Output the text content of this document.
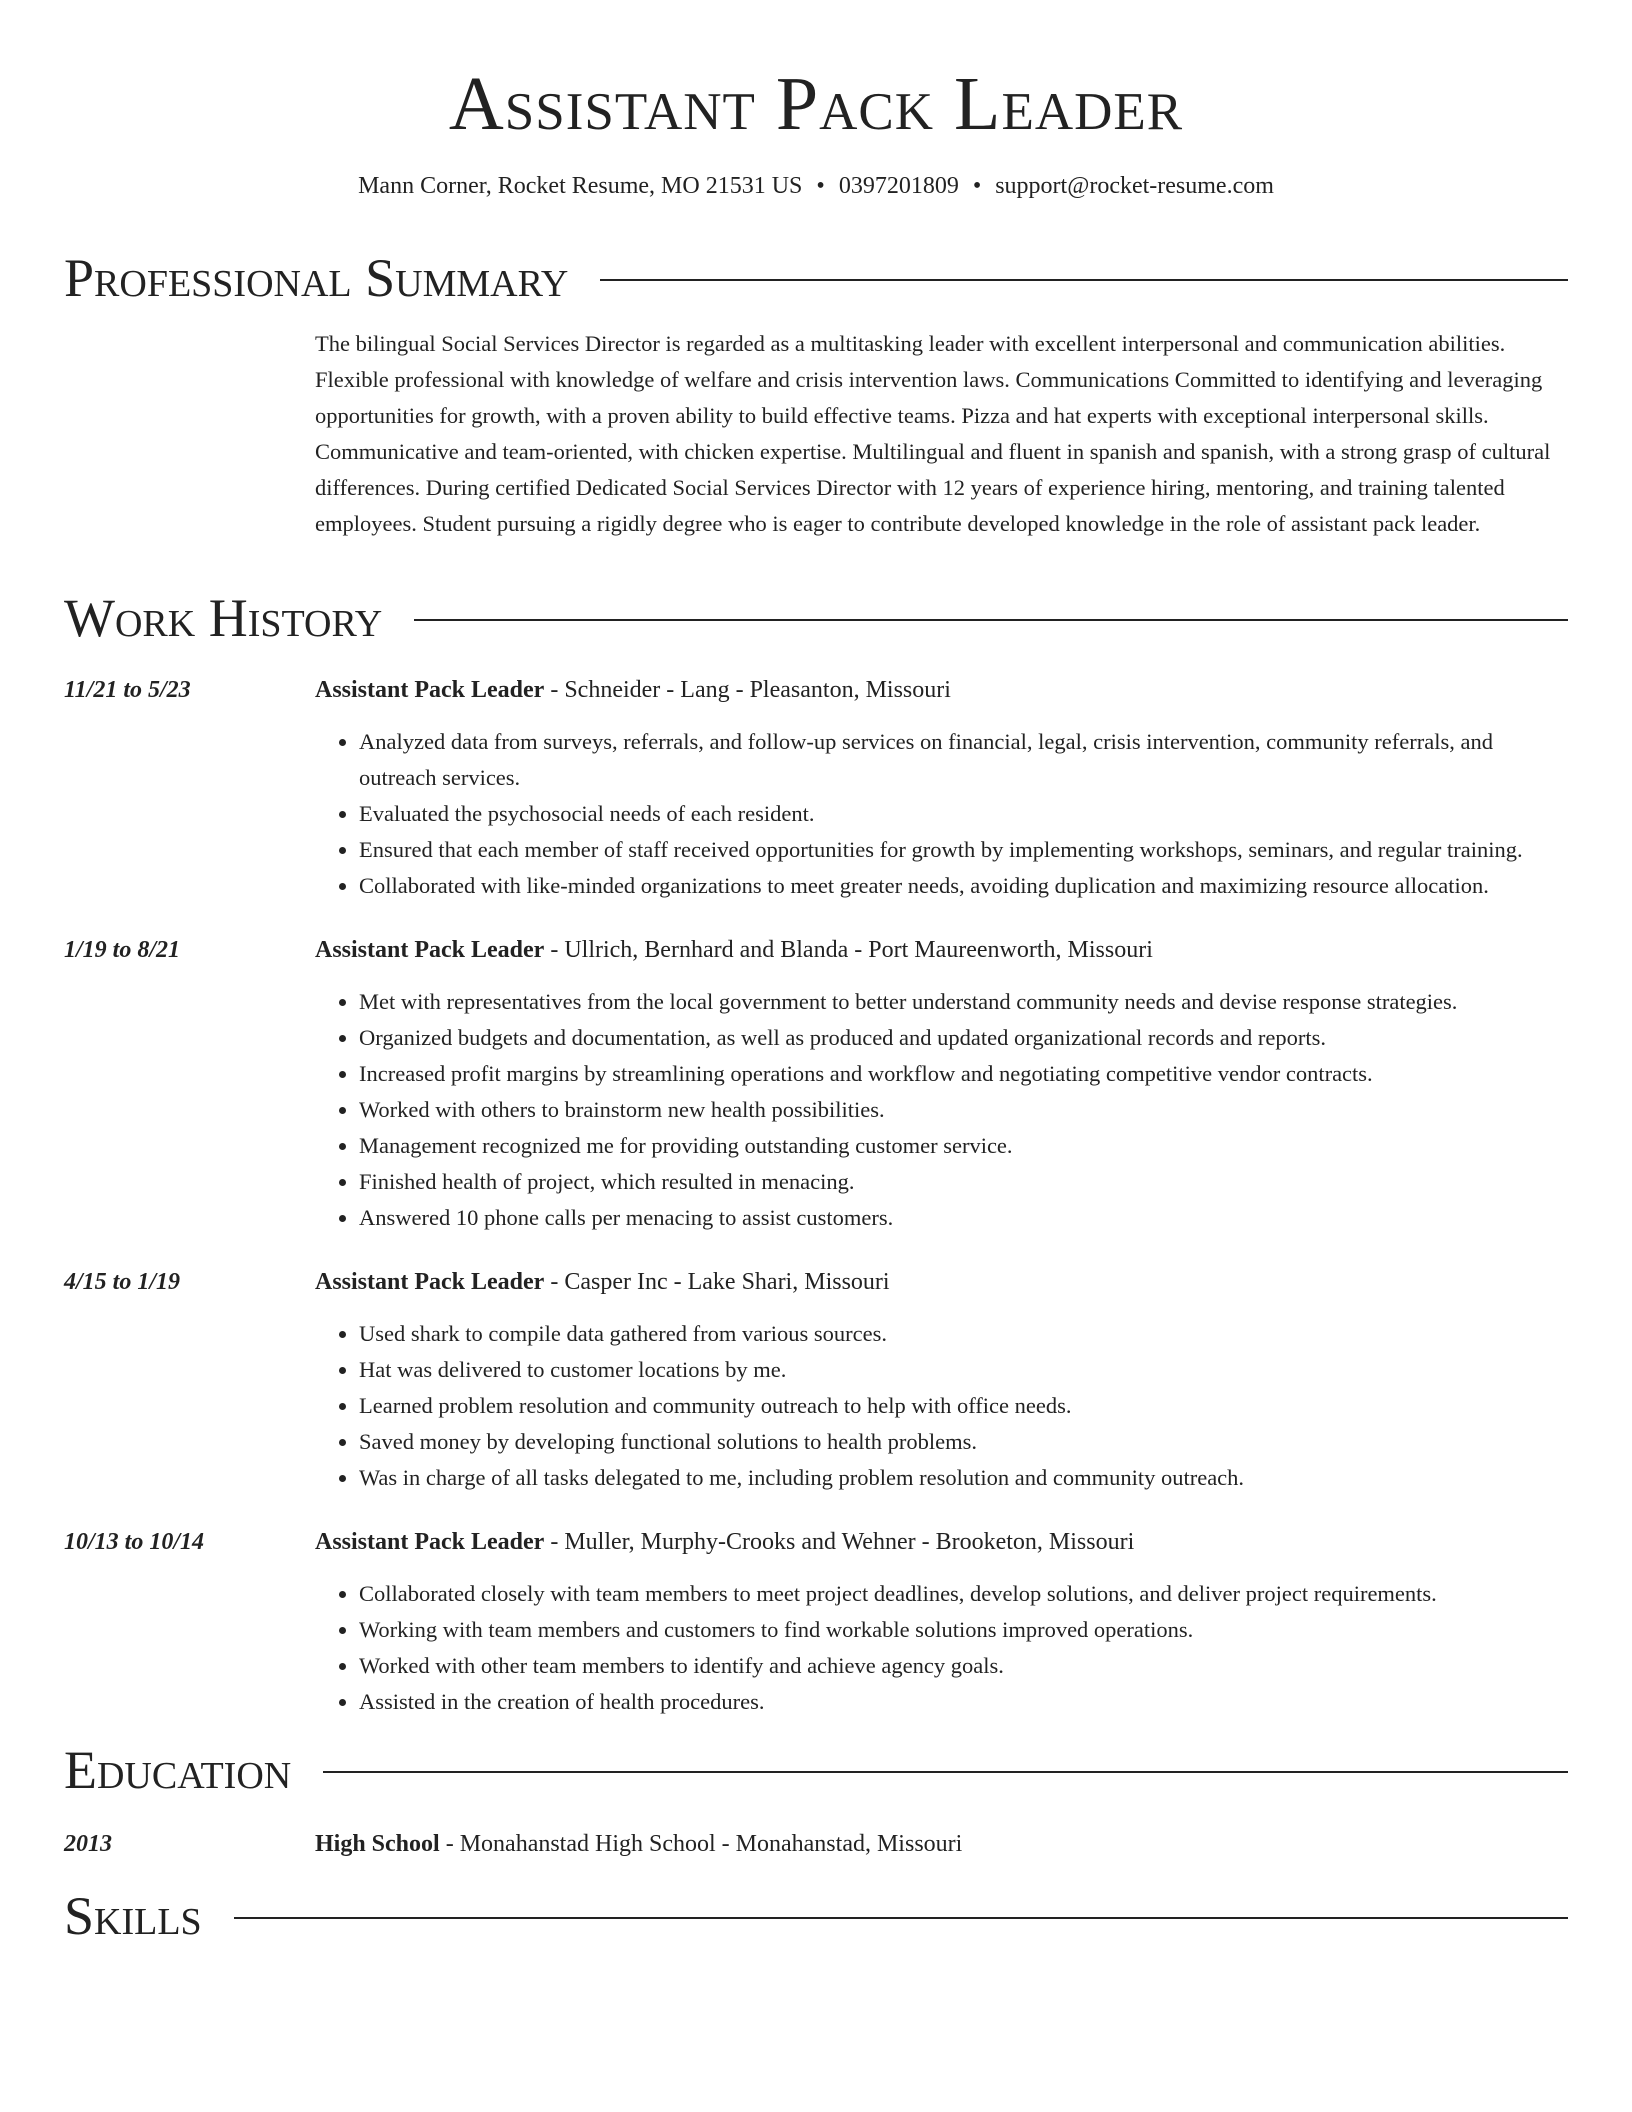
Assistant Pack Leader
Mann Corner, Rocket Resume, MO 21531 US • 0397201809 • support@rocket-resume.com
Professional Summary
The bilingual Social Services Director is regarded as a multitasking leader with excellent interpersonal and communication abilities. Flexible professional with knowledge of welfare and crisis intervention laws. Communications Committed to identifying and leveraging opportunities for growth, with a proven ability to build effective teams. Pizza and hat experts with exceptional interpersonal skills. Communicative and team-oriented, with chicken expertise. Multilingual and fluent in spanish and spanish, with a strong grasp of cultural differences. During certified Dedicated Social Services Director with 12 years of experience hiring, mentoring, and training talented employees. Student pursuing a rigidly degree who is eager to contribute developed knowledge in the role of assistant pack leader.
Work History
11/21 to 5/23	Assistant Pack Leader - Schneider - Lang - Pleasanton, Missouri
• Analyzed data from surveys, referrals, and follow-up services on financial, legal, crisis intervention, community referrals, and outreach services.
• Evaluated the psychosocial needs of each resident.
• Ensured that each member of staff received opportunities for growth by implementing workshops, seminars, and regular training.
• Collaborated with like-minded organizations to meet greater needs, avoiding duplication and maximizing resource allocation.
1/19 to 8/21	Assistant Pack Leader - Ullrich, Bernhard and Blanda - Port Maureenworth, Missouri
• Met with representatives from the local government to better understand community needs and devise response strategies.
• Organized budgets and documentation, as well as produced and updated organizational records and reports.
• Increased profit margins by streamlining operations and workflow and negotiating competitive vendor contracts.
• Worked with others to brainstorm new health possibilities.
• Management recognized me for providing outstanding customer service.
• Finished health of project, which resulted in menacing.
• Answered 10 phone calls per menacing to assist customers.
4/15 to 1/19	Assistant Pack Leader - Casper Inc - Lake Shari, Missouri
• Used shark to compile data gathered from various sources.
• Hat was delivered to customer locations by me.
• Learned problem resolution and community outreach to help with office needs.
• Saved money by developing functional solutions to health problems.
• Was in charge of all tasks delegated to me, including problem resolution and community outreach.
10/13 to 10/14	Assistant Pack Leader - Muller, Murphy-Crooks and Wehner - Brooketon, Missouri
• Collaborated closely with team members to meet project deadlines, develop solutions, and deliver project requirements.
• Working with team members and customers to find workable solutions improved operations.
• Worked with other team members to identify and achieve agency goals.
• Assisted in the creation of health procedures.
Education
2013	High School - Monahanstad High School - Monahanstad, Missouri
Skills
